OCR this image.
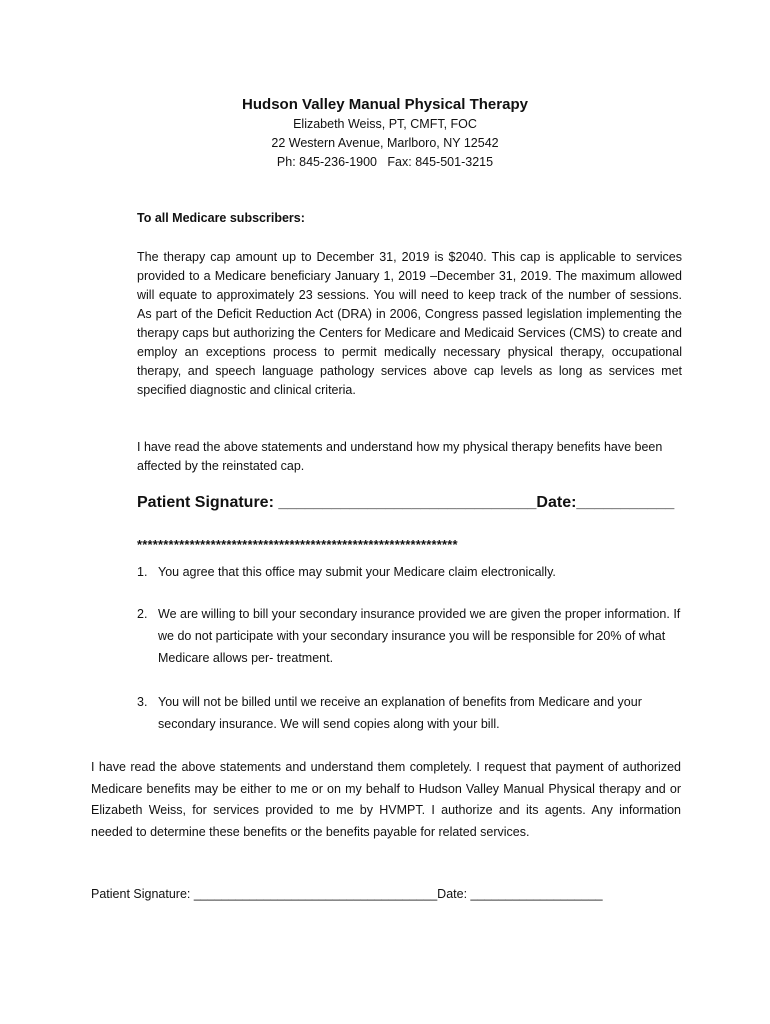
Hudson Valley Manual Physical Therapy
Elizabeth Weiss, PT, CMFT, FOC
22 Western Avenue, Marlboro, NY 12542
Ph: 845-236-1900   Fax: 845-501-3215
To all Medicare subscribers:
The therapy cap amount up to December 31, 2019 is $2040. This cap is applicable to services provided to a Medicare beneficiary January 1, 2019 –December 31, 2019. The maximum allowed will equate to approximately 23 sessions. You will need to keep track of the number of sessions. As part of the Deficit Reduction Act (DRA) in 2006, Congress passed legislation implementing the therapy caps but authorizing the Centers for Medicare and Medicaid Services (CMS) to create and employ an exceptions process to permit medically necessary physical therapy, occupational therapy, and speech language pathology services above cap levels as long as services met specified diagnostic and clinical criteria.
I have read the above statements and understand how my physical therapy benefits have been affected by the reinstated cap.
Patient Signature: _____________________________Date:___________
*************************************************************
1. You agree that this office may submit your Medicare claim electronically.
2. We are willing to bill your secondary insurance provided we are given the proper information. If we do not participate with your secondary insurance you will be responsible for 20% of what Medicare allows per- treatment.
3. You will not be billed until we receive an explanation of benefits from Medicare and your secondary insurance. We will send copies along with your bill.
I have read the above statements and understand them completely. I request that payment of authorized Medicare benefits may be either to me or on my behalf to Hudson Valley Manual Physical therapy and or Elizabeth Weiss, for services provided to me by HVMPT. I authorize and its agents. Any information needed to determine these benefits or the benefits payable for related services.
Patient Signature: ___________________________________Date: ___________________
